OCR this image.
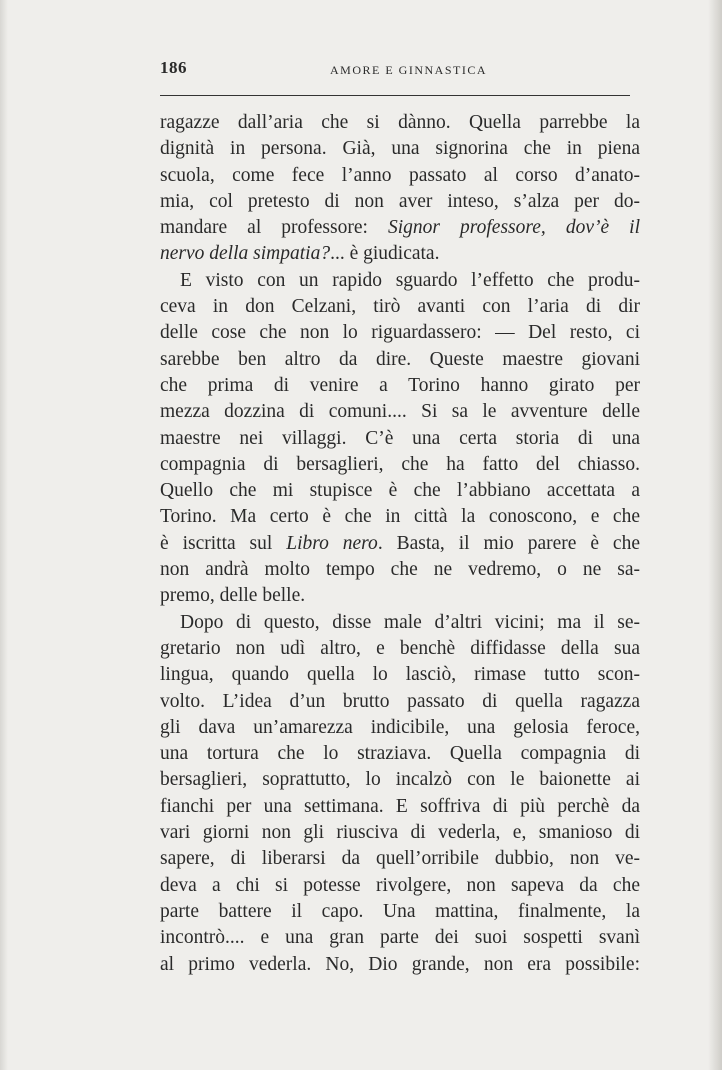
186	AMORE E GINNASTICA
ragazze dall’aria che si dànno. Quella parrebbe la
dignità in persona. Già, una signorina che in piena
scuola, come fece l’anno passato al corso d’anato-
mia, col pretesto di non aver inteso, s’alza per do-
mandare al professore: Signor professore, dov’è il
nervo della simpatia?... è giudicata.
E visto con un rapido sguardo l’effetto che produ-
ceva in don Celzani, tirò avanti con l’aria di dir
delle cose che non lo riguardassero: — Del resto, ci
sarebbe ben altro da dire. Queste maestre giovani
che prima di venire a Torino hanno girato per
mezza dozzina di comuni.... Si sa le avventure delle
maestre nei villaggi. C’è una certa storia di una
compagnia di bersaglieri, che ha fatto del chiasso.
Quello che mi stupisce è che l’abbiano accettata a
Torino. Ma certo è che in città la conoscono, e che
è iscritta sul Libro nero. Basta, il mio parere è che
non andrà molto tempo che ne vedremo, o ne sa-
premo, delle belle.
Dopo di questo, disse male d’altri vicini; ma il se-
gretario non udì altro, e benchè diffidasse della sua
lingua, quando quella lo lasciò, rimase tutto scon-
volto. L’idea d’un brutto passato di quella ragazza
gli dava un’amarezza indicibile, una gelosia feroce,
una tortura che lo straziava. Quella compagnia di
bersaglieri, soprattutto, lo incalzò con le baionette ai
fianchi per una settimana. E soffriva di più perchè da
vari giorni non gli riusciva di vederla, e, smanioso di
sapere, di liberarsi da quell’orribile dubbio, non ve-
deva a chi si potesse rivolgere, non sapeva da che
parte battere il capo. Una mattina, finalmente, la
incontrò.... e una gran parte dei suoi sospetti svanì
al primo vederla. No, Dio grande, non era possibile:
